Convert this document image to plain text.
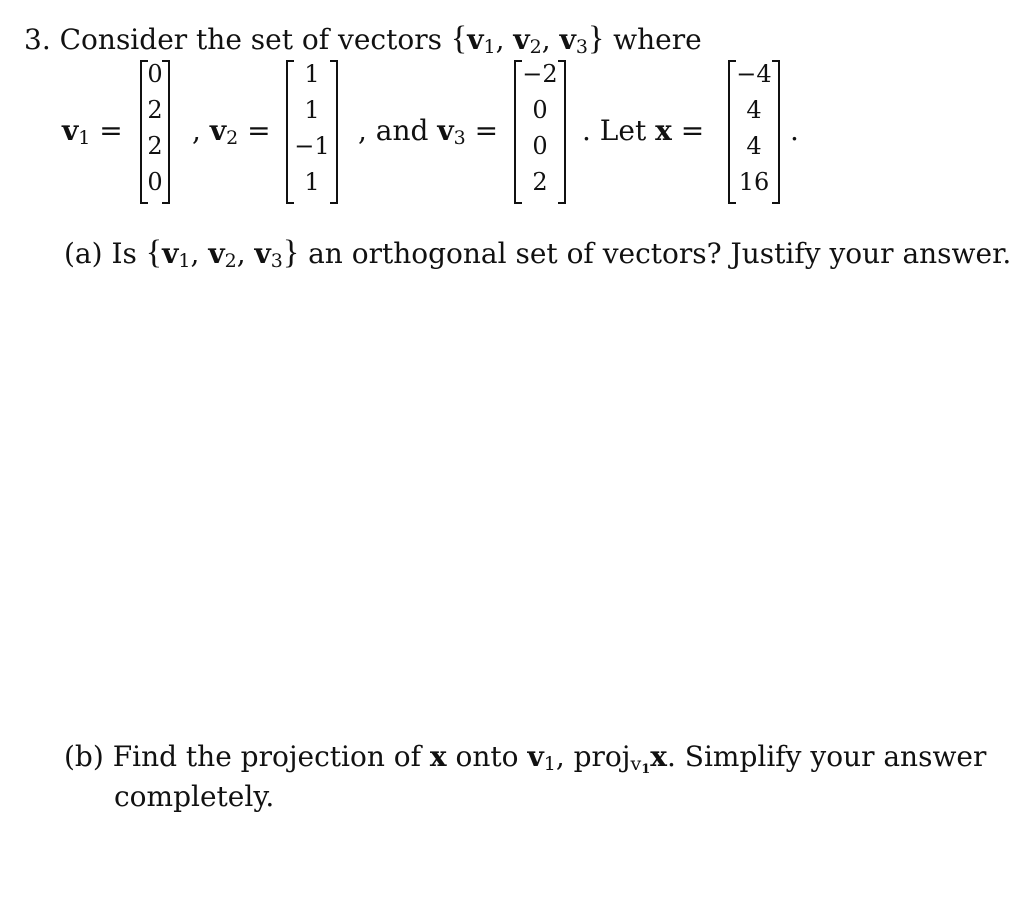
3. Consider the set of vectors {$v_1$, $v_2$, $v_3$} where
$v_1$ =
0
2
2
0
, $v_2$ =
1
1
−1
1
, and $v_3$ =
−2
0
0
2
. Let x =
−4
4
4
16
.
(a) Is {$v_1$, $v_2$, $v_3$} an orthogonal set of vectors? Justify your answer.
(b) Find the projection of x onto $v_1$, proj$_{v1}$x. Simplify your answer
completely.
